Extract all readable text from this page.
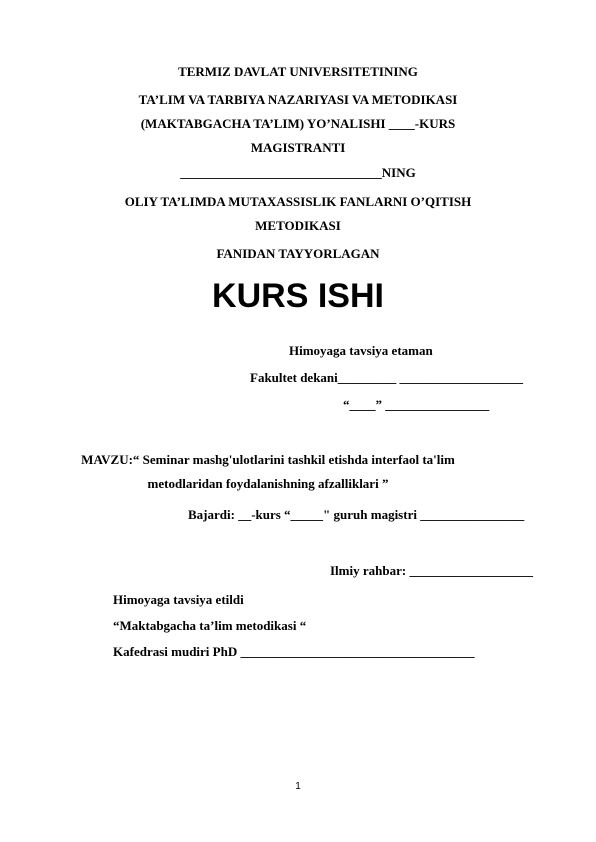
TERMIZ DAVLAT UNIVERSITETINING
TA’LIM VA TARBIYA NAZARIYASI VA METODIKASI
(MAKTABGACHA TA’LIM) YO’NALISHI ____-KURS
MAGISTRANTI
_______________________________NING
OLIY TA’LIMDA MUTAXASSISLIK FANLARNI O’QITISH
METODIKASI
FANIDAN TAYYORLAGAN
KURS ISHI
Himoyaga tavsiya etaman
Fakultet dekani_________ ___________________
“____” ________________
MAVZU:“ Seminar mashg'ulotlarini tashkil etishda interfaol ta'lim
metodlaridan foydalanishning afzalliklari ”
Bajardi: __-kurs “_____" guruh magistri ________________
Ilmiy rahbar: ___________________
Himoyaga tavsiya etildi
“Maktabgacha ta’lim metodikasi “
Kafedrasi mudiri PhD ____________________________________
1
